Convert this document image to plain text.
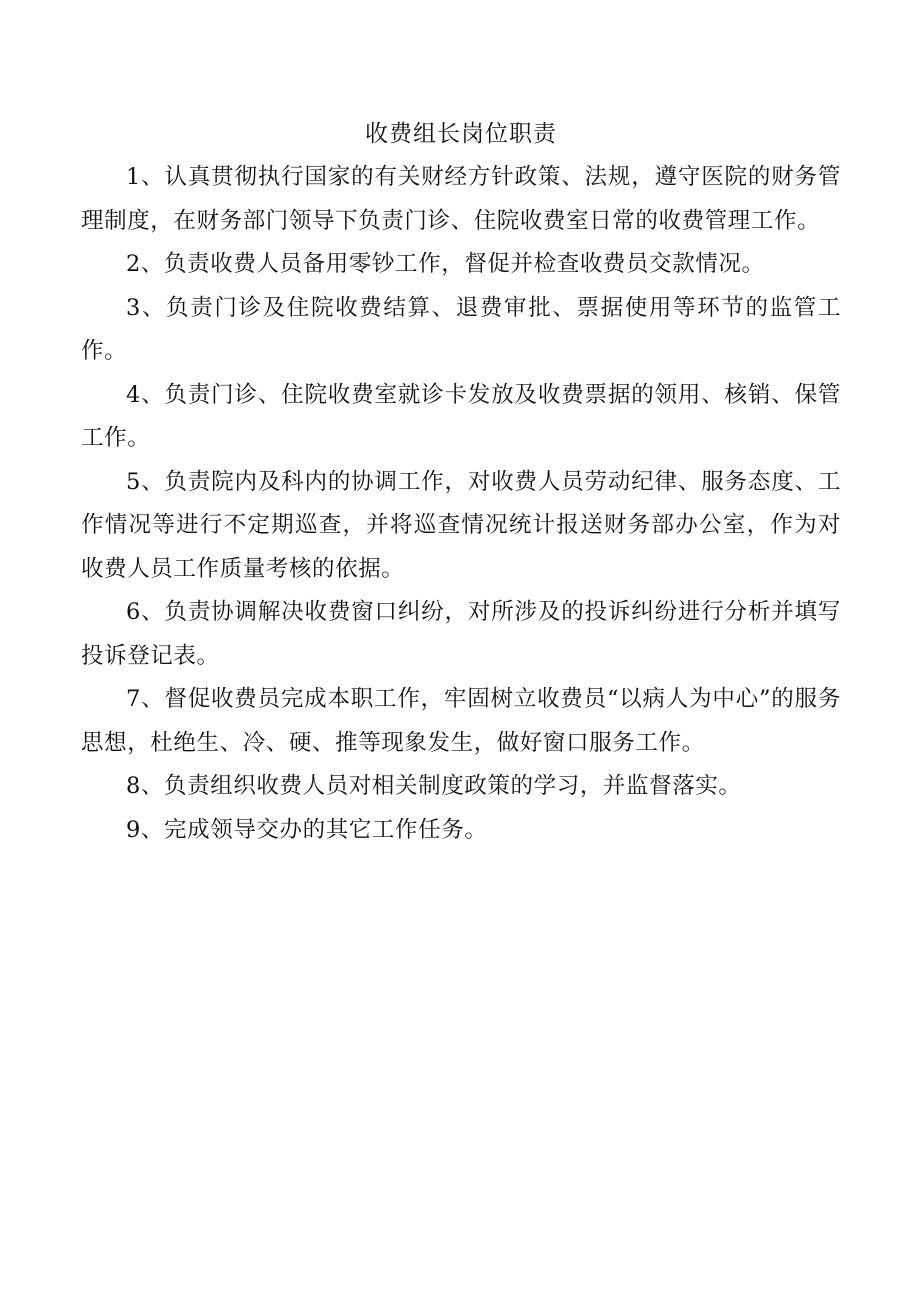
收费组长岗位职责

1、认真贯彻执行国家的有关财经方针政策、法规，遵守医院的财务管理制度，在财务部门领导下负责门诊、住院收费室日常的收费管理工作。

2、负责收费人员备用零钞工作，督促并检查收费员交款情况。

3、负责门诊及住院收费结算、退费审批、票据使用等环节的监管工作。

4、负责门诊、住院收费室就诊卡发放及收费票据的领用、核销、保管工作。

5、负责院内及科内的协调工作，对收费人员劳动纪律、服务态度、工作情况等进行不定期巡查，并将巡查情况统计报送财务部办公室，作为对收费人员工作质量考核的依据。

6、负责协调解决收费窗口纠纷，对所涉及的投诉纠纷进行分析并填写投诉登记表。

7、督促收费员完成本职工作，牢固树立收费员“以病人为中心”的服务思想，杜绝生、冷、硬、推等现象发生，做好窗口服务工作。

8、负责组织收费人员对相关制度政策的学习，并监督落实。

9、完成领导交办的其它工作任务。
